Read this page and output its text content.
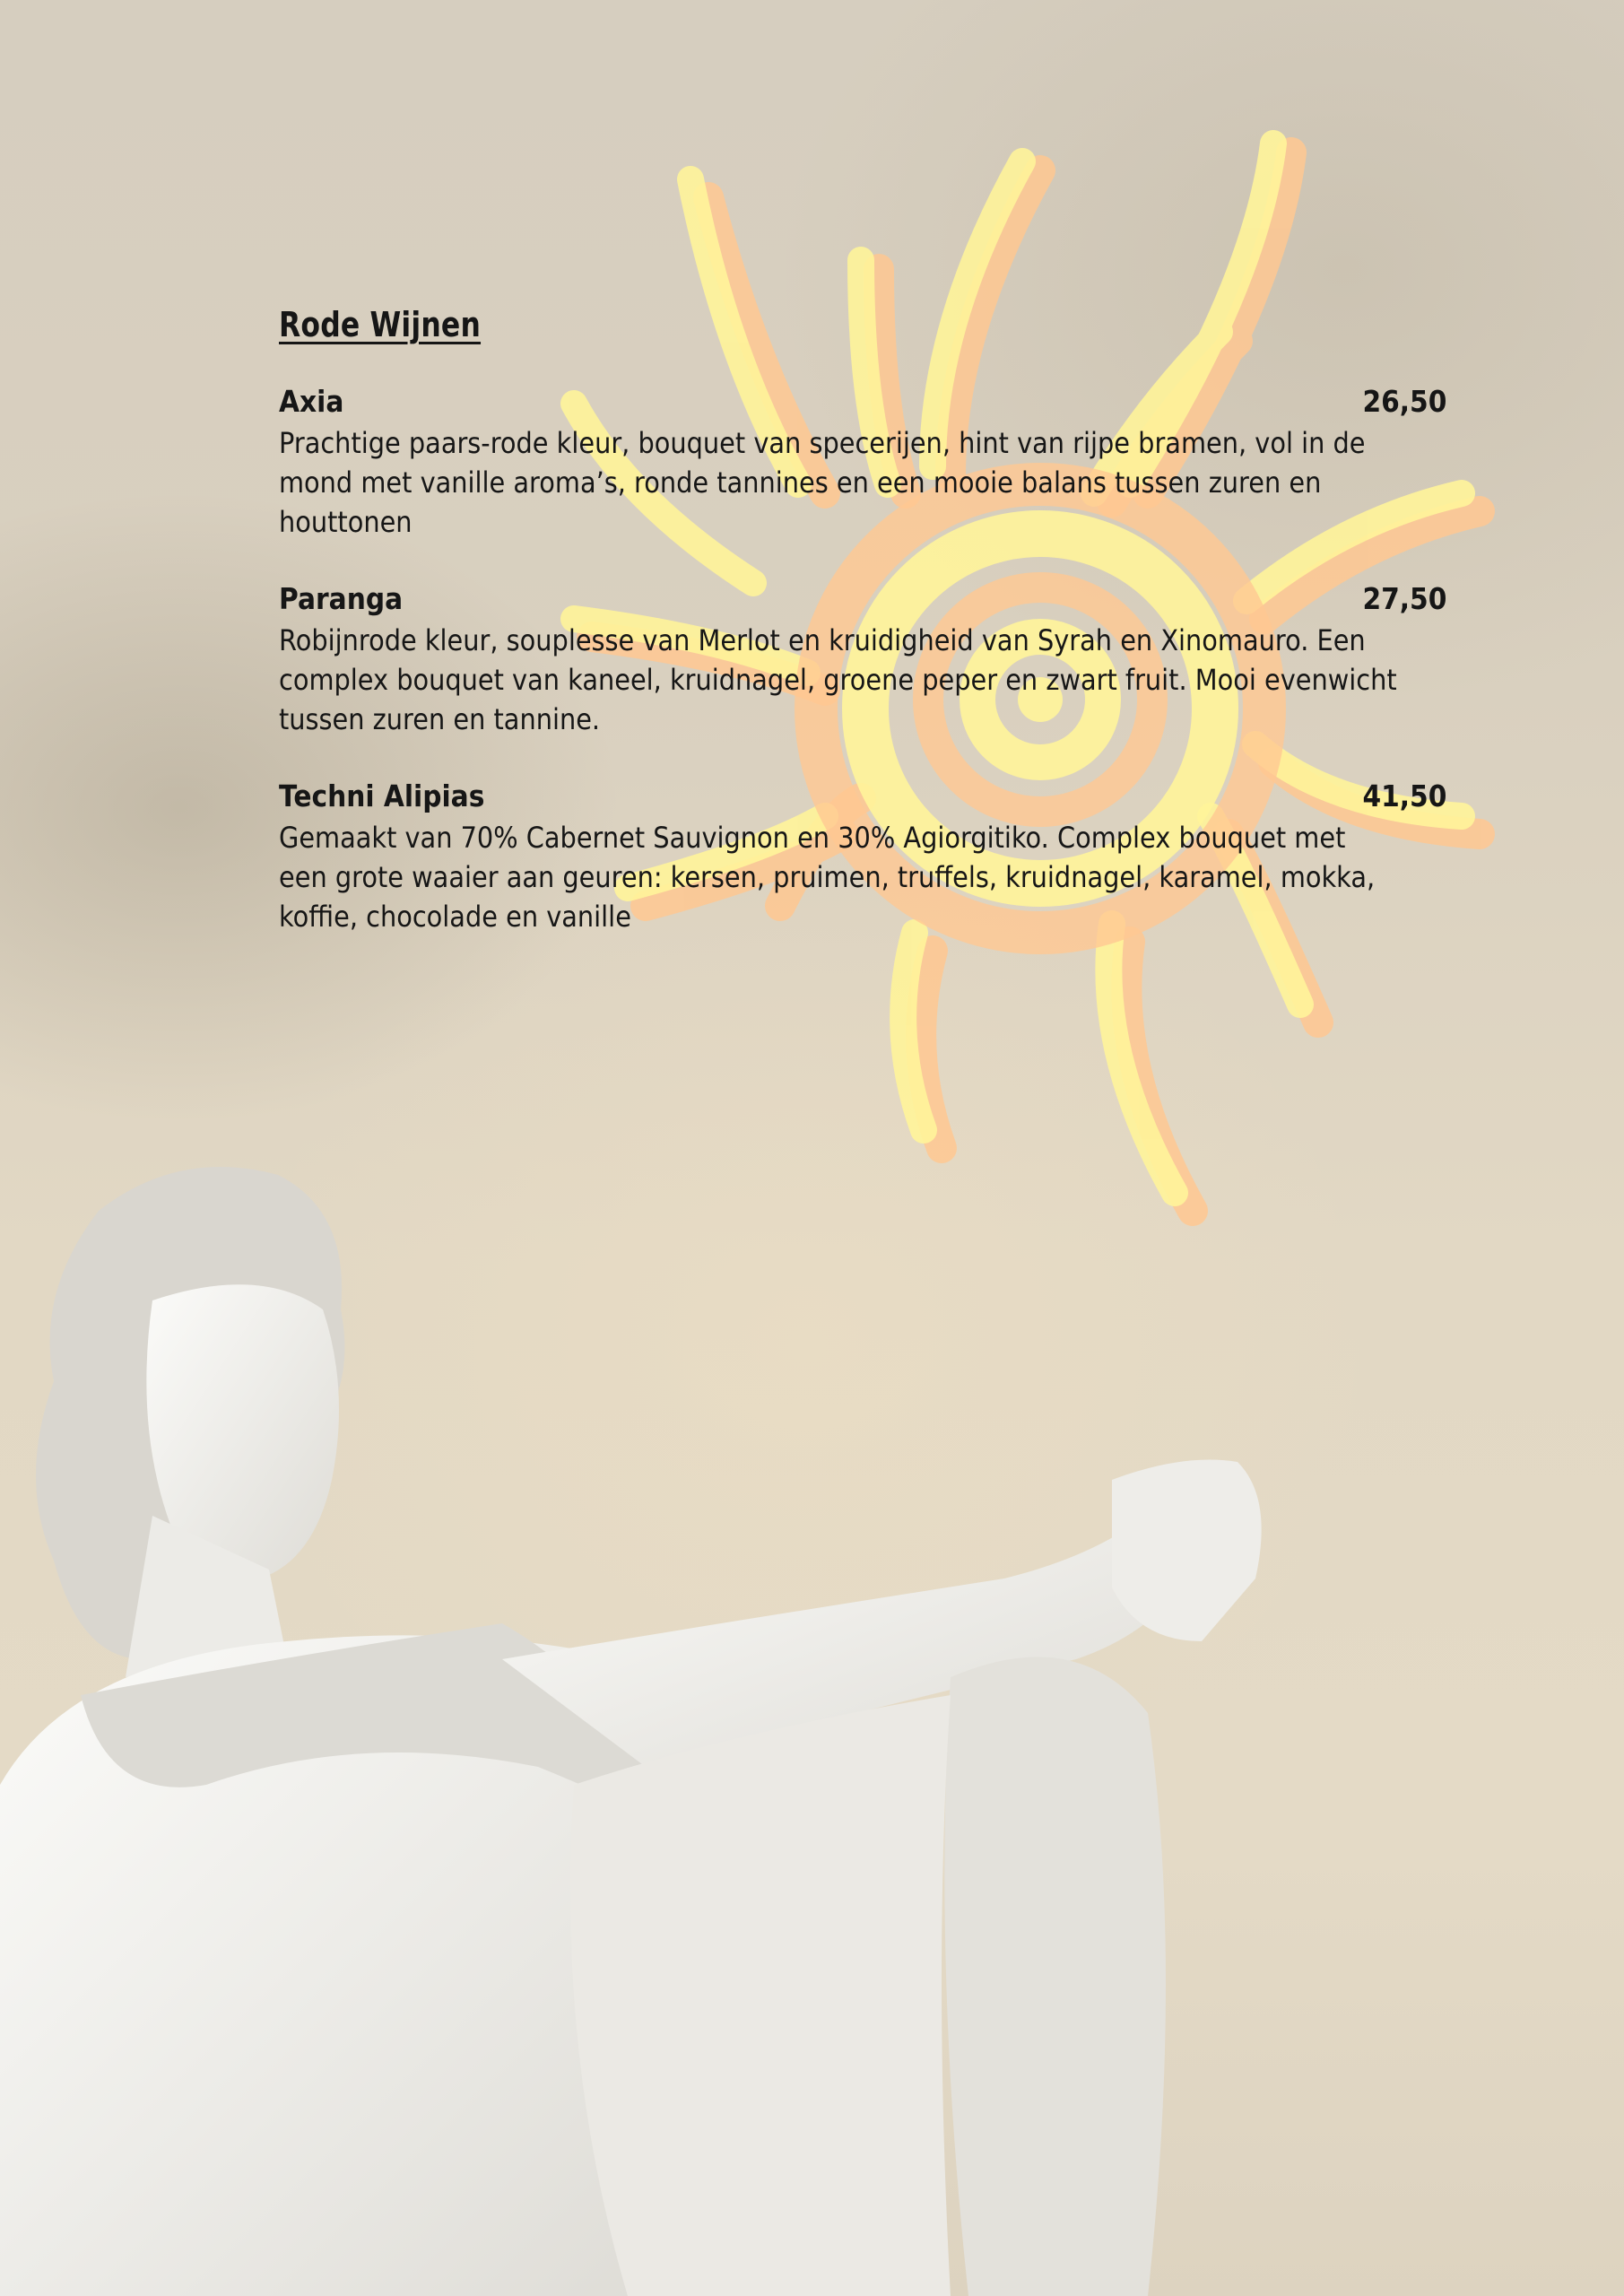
Rode Wijnen
Axia	26,50

Prachtige paars-rode kleur, bouquet van specerijen, hint van rijpe bramen, vol in de mond met vanille aroma’s, ronde tannines en een mooie balans tussen zuren en houttonen

Paranga	27,50

Robijnrode kleur, souplesse van Merlot en kruidigheid van Syrah en Xinomauro. Een complex bouquet van kaneel, kruidnagel, groene peper en zwart fruit. Mooi evenwicht tussen zuren en tannine.

Techni Alipias	41,50

Gemaakt van 70% Cabernet Sauvignon en 30% Agiorgitiko. Complex bouquet met een grote waaier aan geuren: kersen, pruimen, truffels, kruidnagel, karamel, mokka, koffie, chocolade en vanille
